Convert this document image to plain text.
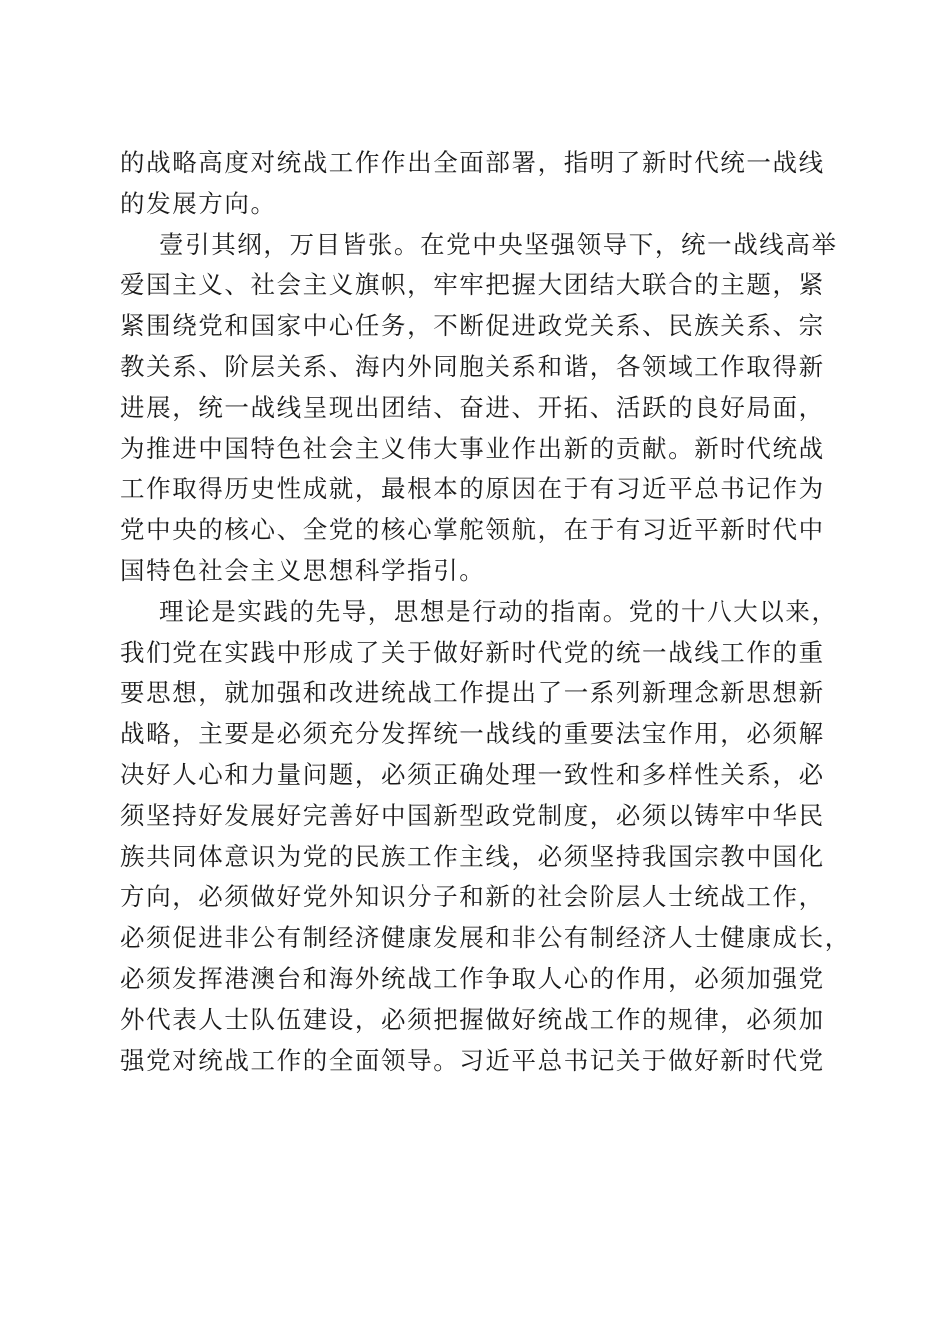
的战略高度对统战工作作出全面部署，指明了新时代统一战线
的发展方向。
壹引其纲，万目皆张。在党中央坚强领导下，统一战线高举
爱国主义、社会主义旗帜，牢牢把握大团结大联合的主题，紧
紧围绕党和国家中心任务，不断促进政党关系、民族关系、宗
教关系、阶层关系、海内外同胞关系和谐，各领域工作取得新
进展，统一战线呈现出团结、奋进、开拓、活跃的良好局面，
为推进中国特色社会主义伟大事业作出新的贡献。新时代统战
工作取得历史性成就，最根本的原因在于有习近平总书记作为
党中央的核心、全党的核心掌舵领航，在于有习近平新时代中
国特色社会主义思想科学指引。
理论是实践的先导，思想是行动的指南。党的十八大以来，
我们党在实践中形成了关于做好新时代党的统一战线工作的重
要思想，就加强和改进统战工作提出了一系列新理念新思想新
战略，主要是必须充分发挥统一战线的重要法宝作用，必须解
决好人心和力量问题，必须正确处理一致性和多样性关系，必
须坚持好发展好完善好中国新型政党制度，必须以铸牢中华民
族共同体意识为党的民族工作主线，必须坚持我国宗教中国化
方向，必须做好党外知识分子和新的社会阶层人士统战工作，
必须促进非公有制经济健康发展和非公有制经济人士健康成长，
必须发挥港澳台和海外统战工作争取人心的作用，必须加强党
外代表人士队伍建设，必须把握做好统战工作的规律，必须加
强党对统战工作的全面领导。习近平总书记关于做好新时代党
